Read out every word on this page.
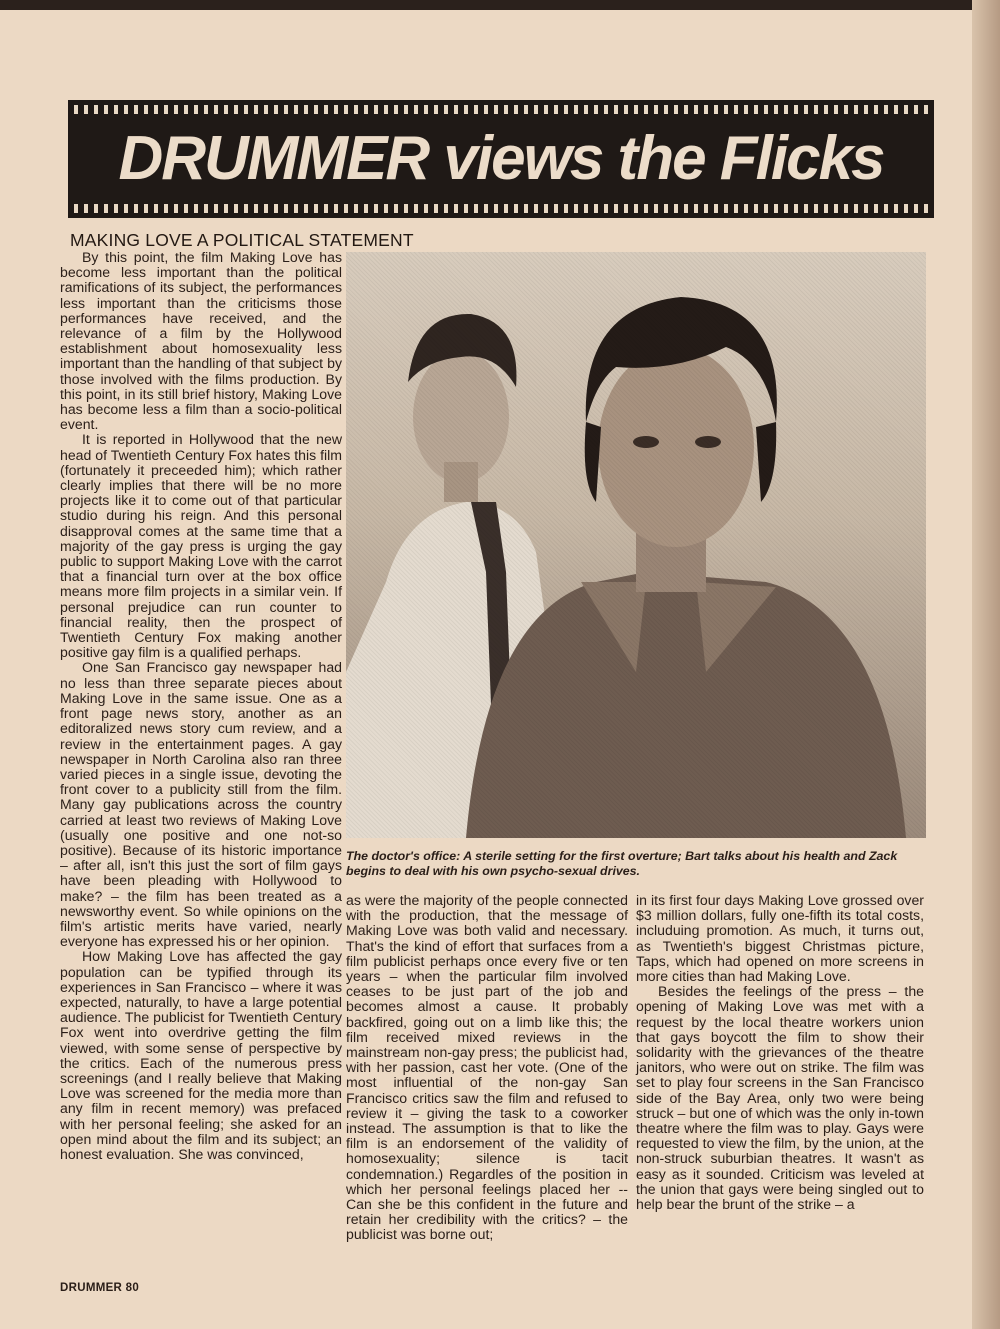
DRUMMER views the Flicks
MAKING LOVE A POLITICAL STATEMENT

By this point, the film Making Love has become less important than the political ramifications of its subject, the performances less important than the criticisms those performances have received, and the relevance of a film by the Hollywood establishment about homosexuality less important than the handling of that subject by those involved with the films production. By this point, in its still brief history, Making Love has become less a film than a socio-political event.

It is reported in Hollywood that the new head of Twentieth Century Fox hates this film (fortunately it preceeded him); which rather clearly implies that there will be no more projects like it to come out of that particular studio during his reign. And this personal disapproval comes at the same time that a majority of the gay press is urging the gay public to support Making Love with the carrot that a financial turn over at the box office means more film projects in a similar vein. If personal prejudice can run counter to financial reality, then the prospect of Twentieth Century Fox making another positive gay film is a qualified perhaps.

One San Francisco gay newspaper had no less than three separate pieces about Making Love in the same issue. One as a front page news story, another as an editoralized news story cum review, and a review in the entertainment pages. A gay newspaper in North Carolina also ran three varied pieces in a single issue, devoting the front cover to a publicity still from the film. Many gay publications across the country carried at least two reviews of Making Love (usually one positive and one not-so positive). Because of its historic importance – after all, isn't this just the sort of film gays have been pleading with Hollywood to make? – the film has been treated as a newsworthy event. So while opinions on the film's artistic merits have varied, nearly everyone has expressed his or her opinion.

How Making Love has affected the gay population can be typified through its experiences in San Francisco – where it was expected, naturally, to have a large potential audience. The publicist for Twentieth Century Fox went into overdrive getting the film viewed, with some sense of perspective by the critics. Each of the numerous press screenings (and I really believe that Making Love was screened for the media more than any film in recent memory) was prefaced with her personal feeling; she asked for an open mind about the film and its subject; an honest evaluation. She was convinced,

The doctor's office: A sterile setting for the first overture; Bart talks about his health and Zack begins to deal with his own psycho-sexual drives.

as were the majority of the people connected with the production, that the message of Making Love was both valid and necessary. That's the kind of effort that surfaces from a film publicist perhaps once every five or ten years – when the particular film involved ceases to be just part of the job and becomes almost a cause. It probably backfired, going out on a limb like this; the film received mixed reviews in the mainstream non-gay press; the publicist had, with her passion, cast her vote. (One of the most influential of the non-gay San Francisco critics saw the film and refused to review it – giving the task to a coworker instead. The assumption is that to like the film is an endorsement of the validity of homosexuality; silence is tacit condemnation.) Regardles of the position in which her personal feelings placed her -- Can she be this confident in the future and retain her credibility with the critics? – the publicist was borne out;

in its first four days Making Love grossed over $3 million dollars, fully one-fifth its total costs, includuing promotion. As much, it turns out, as Twentieth's biggest Christmas picture, Taps, which had opened on more screens in more cities than had Making Love.

Besides the feelings of the press – the opening of Making Love was met with a request by the local theatre workers union that gays boycott the film to show their solidarity with the grievances of the theatre janitors, who were out on strike. The film was set to play four screens in the San Francisco side of the Bay Area, only two were being struck – but one of which was the only in-town theatre where the film was to play. Gays were requested to view the film, by the union, at the non-struck suburbian theatres. It wasn't as easy as it sounded. Criticism was leveled at the union that gays were being singled out to help bear the brunt of the strike – a

DRUMMER 80
